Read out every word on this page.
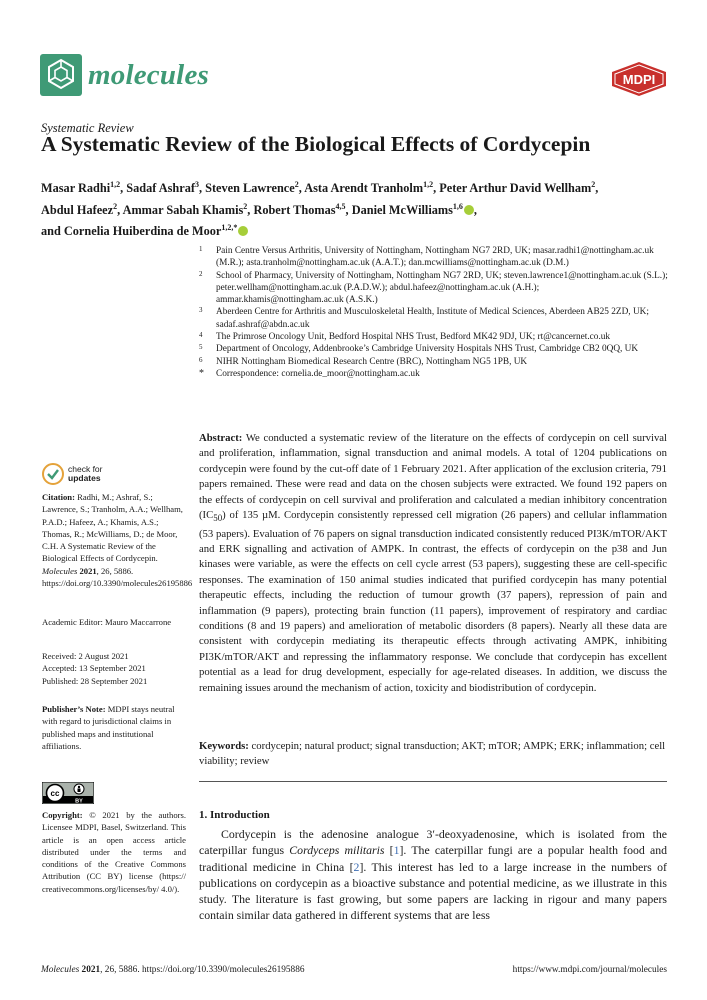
molecules	MDPI
Systematic Review
A Systematic Review of the Biological Effects of Cordycepin
Masar Radhi$^{1,2}$, Sadaf Ashraf$^3$, Steven Lawrence$^2$, Asta Arendt Tranholm$^{1,2}$, Peter Arthur David Wellham$^2$,
Abdul Hafeez$^2$, Ammar Sabah Khamis$^2$, Robert Thomas$^{4,5}$, Daniel McWilliams$^{1,6}$ ,
and Cornelia Huiberdina de Moor$^{1,2,*}$
1 Pain Centre Versus Arthritis, University of Nottingham, Nottingham NG7 2RD, UK; masar.radhi1@nottingham.ac.uk (M.R.); asta.tranholm@nottingham.ac.uk (A.A.T.); dan.mcwilliams@nottingham.ac.uk (D.M.)
2 School of Pharmacy, University of Nottingham, Nottingham NG7 2RD, UK; steven.lawrence1@nottingham.ac.uk (S.L.); peter.wellham@nottingham.ac.uk (P.A.D.W.); abdul.hafeez@nottingham.ac.uk (A.H.); ammar.khamis@nottingham.ac.uk (A.S.K.)
3 Aberdeen Centre for Arthritis and Musculoskeletal Health, Institute of Medical Sciences, Aberdeen AB25 2ZD, UK; sadaf.ashraf@abdn.ac.uk
4 The Primrose Oncology Unit, Bedford Hospital NHS Trust, Bedford MK42 9DJ, UK; rt@cancernet.co.uk
5 Department of Oncology, Addenbrooke’s Cambridge University Hospitals NHS Trust, Cambridge CB2 0QQ, UK
6 NIHR Nottingham Biomedical Research Centre (BRC), Nottingham NG5 1PB, UK
* Correspondence: cornelia.de_moor@nottingham.ac.uk
Abstract: We conducted a systematic review of the literature on the effects of cordycepin on cell survival and proliferation, inflammation, signal transduction and animal models. A total of 1204 publications on cordycepin were found by the cut-off date of 1 February 2021. After application of the exclusion criteria, 791 papers remained. These were read and data on the chosen subjects were extracted. We found 192 papers on the effects of cordycepin on cell survival and proliferation and calculated a median inhibitory concentration $(IC_{50})$ of 135 µM. Cordycepin consistently repressed cell migration (26 papers) and cellular inflammation (53 papers). Evaluation of 76 papers on signal transduction indicated consistently reduced PI3K/mTOR/AKT and ERK signalling and activation of AMPK. In contrast, the effects of cordycepin on the p38 and Jun kinases were variable, as were the effects on cell cycle arrest (53 papers), suggesting these are cell-specific responses. The examination of 150 animal studies indicated that purified cordycepin has many potential therapeutic effects, including the reduction of tumour growth (37 papers), repression of pain and inflammation (9 papers), protecting brain function (11 papers), improvement of respiratory and cardiac conditions (8 and 19 papers) and amelioration of metabolic disorders (8 papers). Nearly all these data are consistent with cordycepin mediating its therapeutic effects through activating AMPK, inhibiting PI3K/mTOR/AKT and repressing the inflammatory response. We conclude that cordycepin has excellent potential as a lead for drug development, especially for age-related diseases. In addition, we discuss the remaining issues around the mechanism of action, toxicity and biodistribution of cordycepin.
Keywords: cordycepin; natural product; signal transduction; AKT; mTOR; AMPK; ERK; inflammation; cell viability; review
1. Introduction

Cordycepin is the adenosine analogue 3′-deoxyadenosine, which is isolated from the caterpillar fungus Cordyceps militaris [1]. The caterpillar fungi are a popular health food and traditional medicine in China [2]. This interest has led to a large increase in the numbers of publications on cordycepin as a bioactive substance and potential medicine, as we illustrate in this study. The literature is fast growing, but some papers are lacking in rigour and many papers contain similar data gathered in different systems that are less

check for
updates
Citation: Radhi, M.; Ashraf, S.; Lawrence, S.; Tranholm, A.A.; Wellham, P.A.D.; Hafeez, A.; Khamis, A.S.; Thomas, R.; McWilliams, D.; de Moor, C.H. A Systematic Review of the Biological Effects of Cordycepin. Molecules 2021, 26, 5886. https://doi.org/10.3390/molecules26195886
Academic Editor: Mauro Maccarrone
Received: 2 August 2021
Accepted: 13 September 2021
Published: 28 September 2021
Publisher’s Note: MDPI stays neutral with regard to jurisdictional claims in published maps and institutional affiliations.
cc
BY
Copyright: © 2021 by the authors. Licensee MDPI, Basel, Switzerland. This article is an open access article distributed under the terms and conditions of the Creative Commons Attribution (CC BY) license (https:// creativecommons.org/licenses/by/ 4.0/).
Molecules 2021, 26, 5886. https://doi.org/10.3390/molecules26195886	https://www.mdpi.com/journal/molecules
